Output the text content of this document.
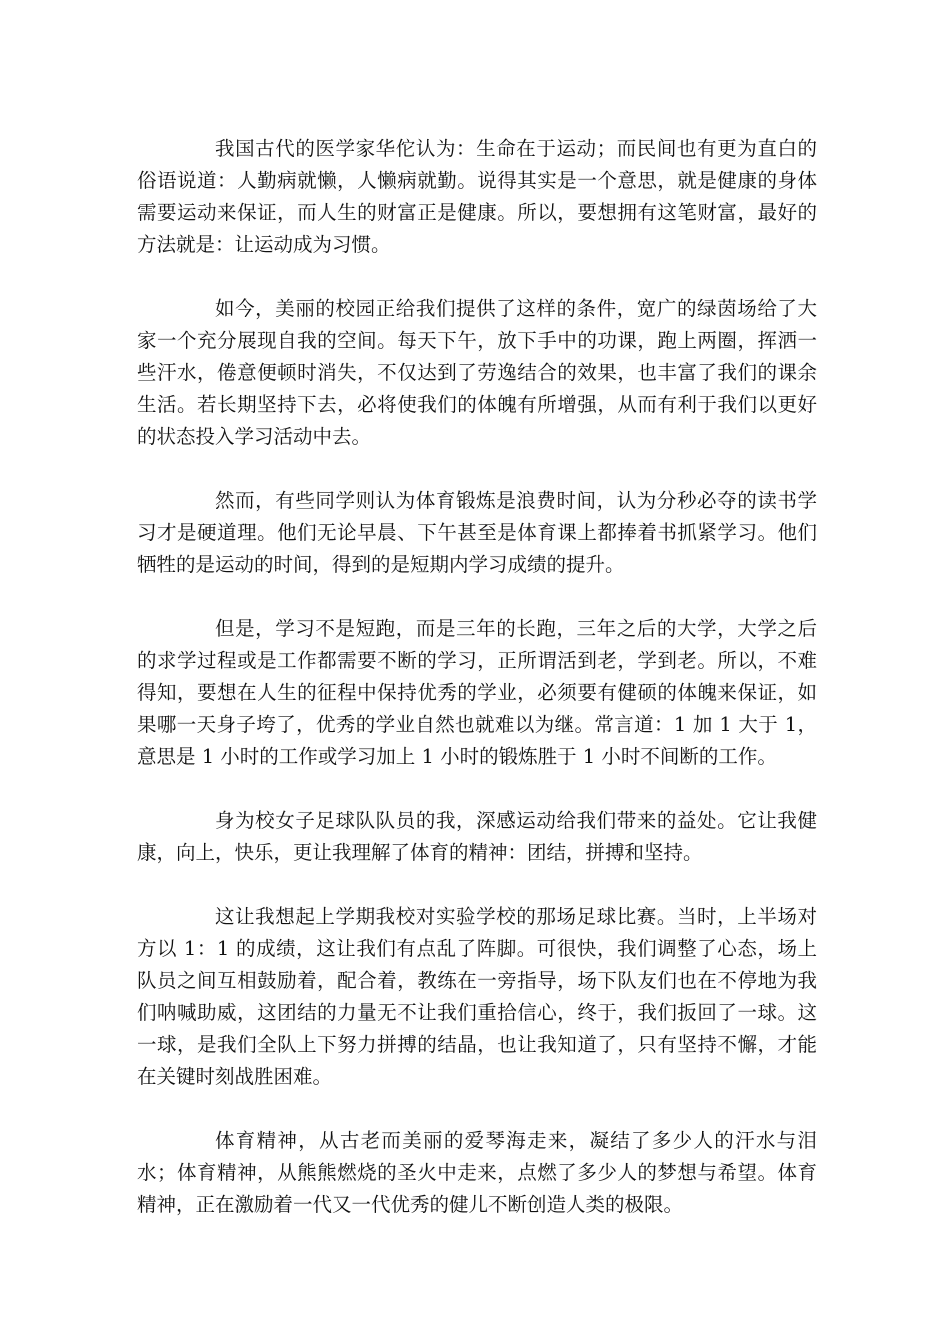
我国古代的医学家华佗认为：生命在于运动；而民间也有更为直白的俗语说道：人勤病就懒，人懒病就勤。说得其实是一个意思，就是健康的身体需要运动来保证，而人生的财富正是健康。所以，要想拥有这笔财富，最好的方法就是：让运动成为习惯。

如今，美丽的校园正给我们提供了这样的条件，宽广的绿茵场给了大家一个充分展现自我的空间。每天下午，放下手中的功课，跑上两圈，挥洒一些汗水，倦意便顿时消失，不仅达到了劳逸结合的效果，也丰富了我们的课余生活。若长期坚持下去，必将使我们的体魄有所增强，从而有利于我们以更好的状态投入学习活动中去。

然而，有些同学则认为体育锻炼是浪费时间，认为分秒必夺的读书学习才是硬道理。他们无论早晨、下午甚至是体育课上都捧着书抓紧学习。他们牺牲的是运动的时间，得到的是短期内学习成绩的提升。

但是，学习不是短跑，而是三年的长跑，三年之后的大学，大学之后的求学过程或是工作都需要不断的学习，正所谓活到老，学到老。所以，不难得知，要想在人生的征程中保持优秀的学业，必须要有健硕的体魄来保证，如果哪一天身子垮了，优秀的学业自然也就难以为继。常言道：1 加 1 大于 1，意思是 1 小时的工作或学习加上 1 小时的锻炼胜于 1 小时不间断的工作。

身为校女子足球队队员的我，深感运动给我们带来的益处。它让我健康，向上，快乐，更让我理解了体育的精神：团结，拼搏和坚持。

这让我想起上学期我校对实验学校的那场足球比赛。当时，上半场对方以 1：1 的成绩，这让我们有点乱了阵脚。可很快，我们调整了心态，场上队员之间互相鼓励着，配合着，教练在一旁指导，场下队友们也在不停地为我们呐喊助威，这团结的力量无不让我们重拾信心，终于，我们扳回了一球。这一球，是我们全队上下努力拼搏的结晶，也让我知道了，只有坚持不懈，才能在关键时刻战胜困难。

体育精神，从古老而美丽的爱琴海走来，凝结了多少人的汗水与泪水；体育精神，从熊熊燃烧的圣火中走来，点燃了多少人的梦想与希望。体育精神，正在激励着一代又一代优秀的健儿不断创造人类的极限。
